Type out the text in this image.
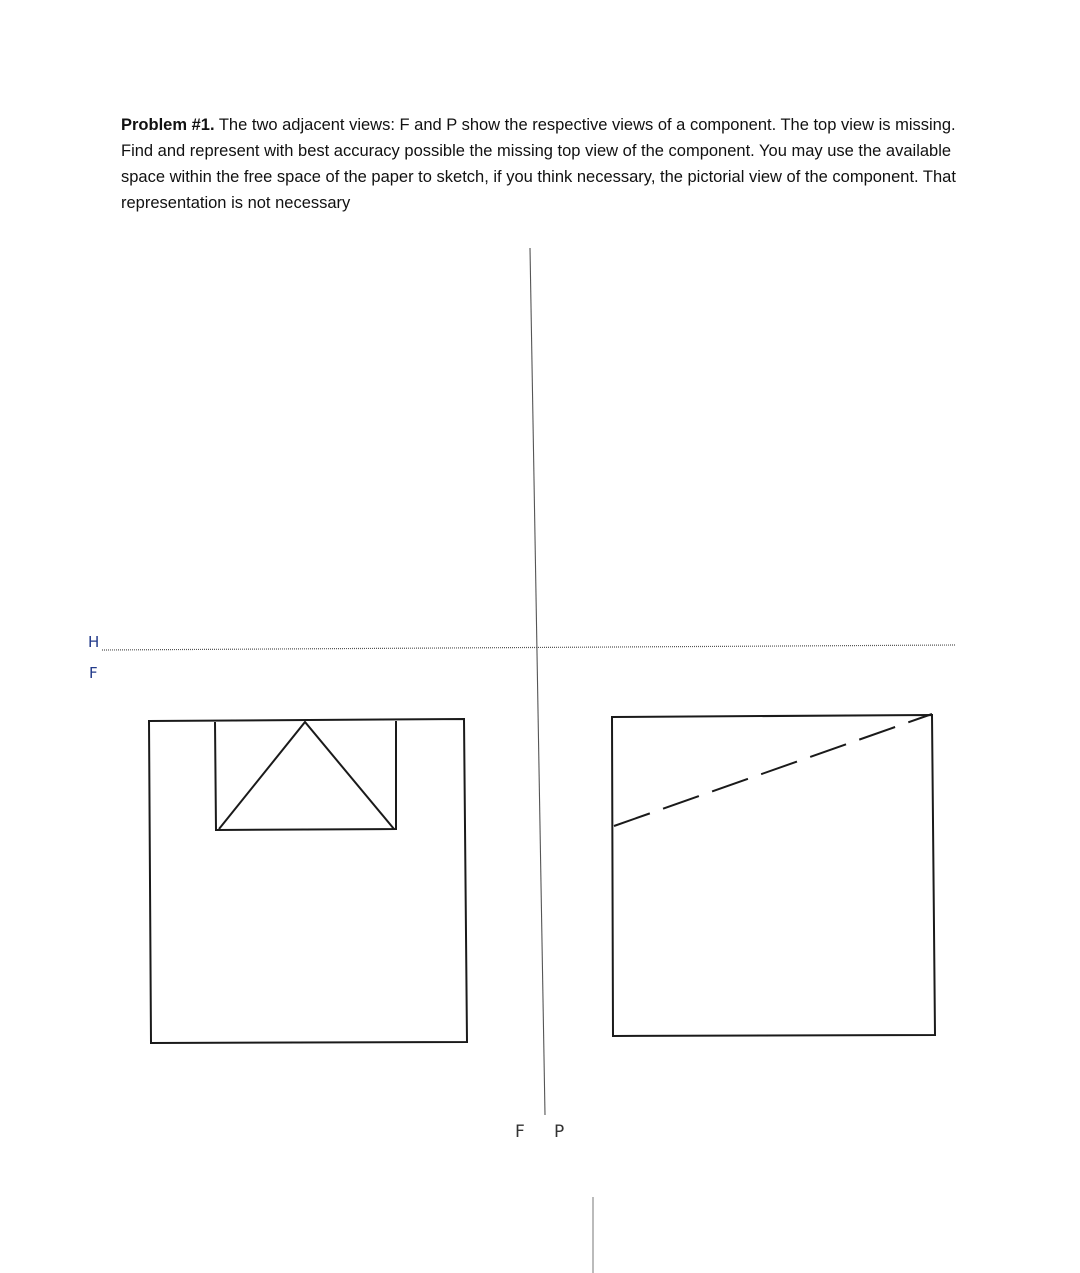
Problem #1. The two adjacent views: F and P show the respective views of a component. The top view is missing. Find and represent with best accuracy possible the missing top view of the component. You may use the available space within the free space of the paper to sketch, if you think necessary, the pictorial view of the component. That representation is not necessary

H
F
F P
